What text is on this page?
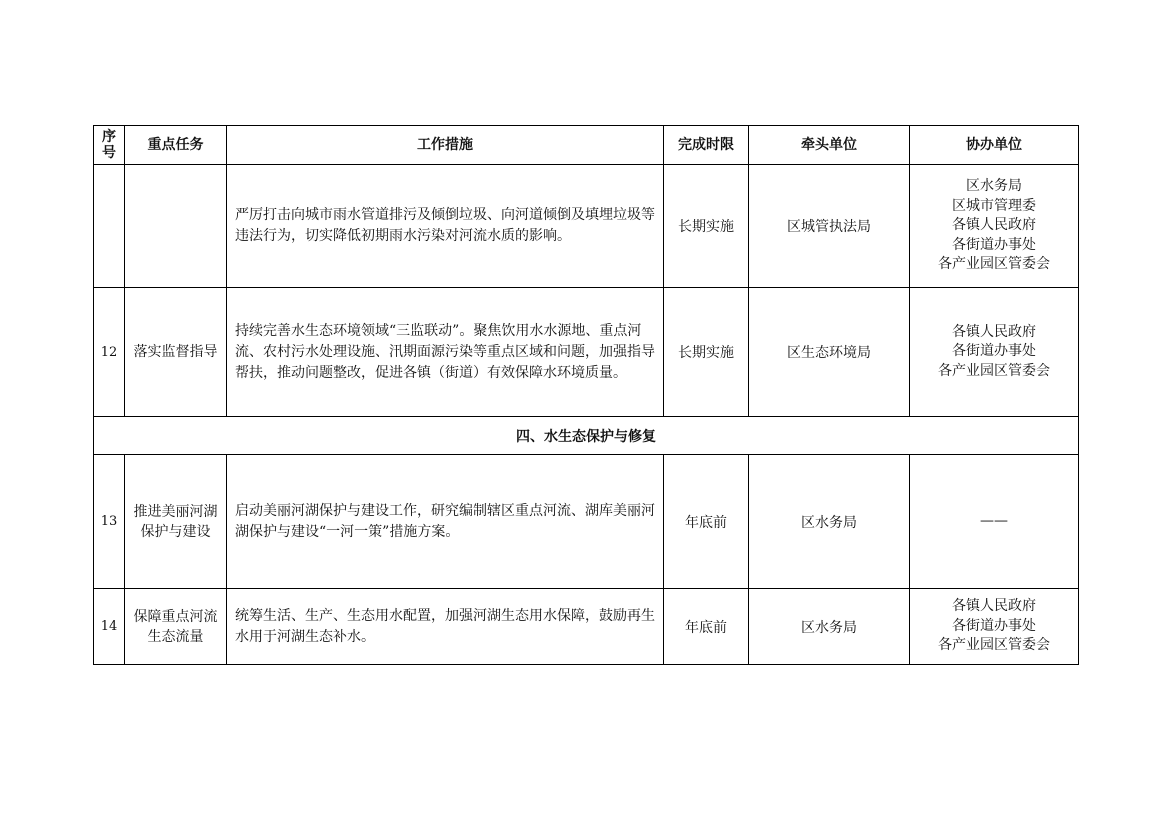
序号	重点任务	工作措施	完成时限	牵头单位	协办单位
		严厉打击向城市雨水管道排污及倾倒垃圾、向河道倾倒及填埋垃圾等违法行为，切实降低初期雨水污染对河流水质的影响。	长期实施	区城管执法局	区水务局
区城市管理委
各镇人民政府
各街道办事处
各产业园区管委会

12	落实监督指导	持续完善水生态环境领域“三监联动”。聚焦饮用水水源地、重点河流、农村污水处理设施、汛期面源污染等重点区域和问题，加强指导帮扶，推动问题整改，促进各镇（街道）有效保障水环境质量。	长期实施	区生态环境局	各镇人民政府
各街道办事处
各产业园区管委会

四、水生态保护与修复					
13	推进美丽河湖保护与建设	启动美丽河湖保护与建设工作，研究编制辖区重点河流、湖库美丽河湖保护与建设“一河一策”措施方案。	年底前	区水务局	——

14	保障重点河流生态流量	统筹生活、生产、生态用水配置，加强河湖生态用水保障，鼓励再生水用于河湖生态补水。	年底前	区水务局	各镇人民政府
各街道办事处
各产业园区管委会
